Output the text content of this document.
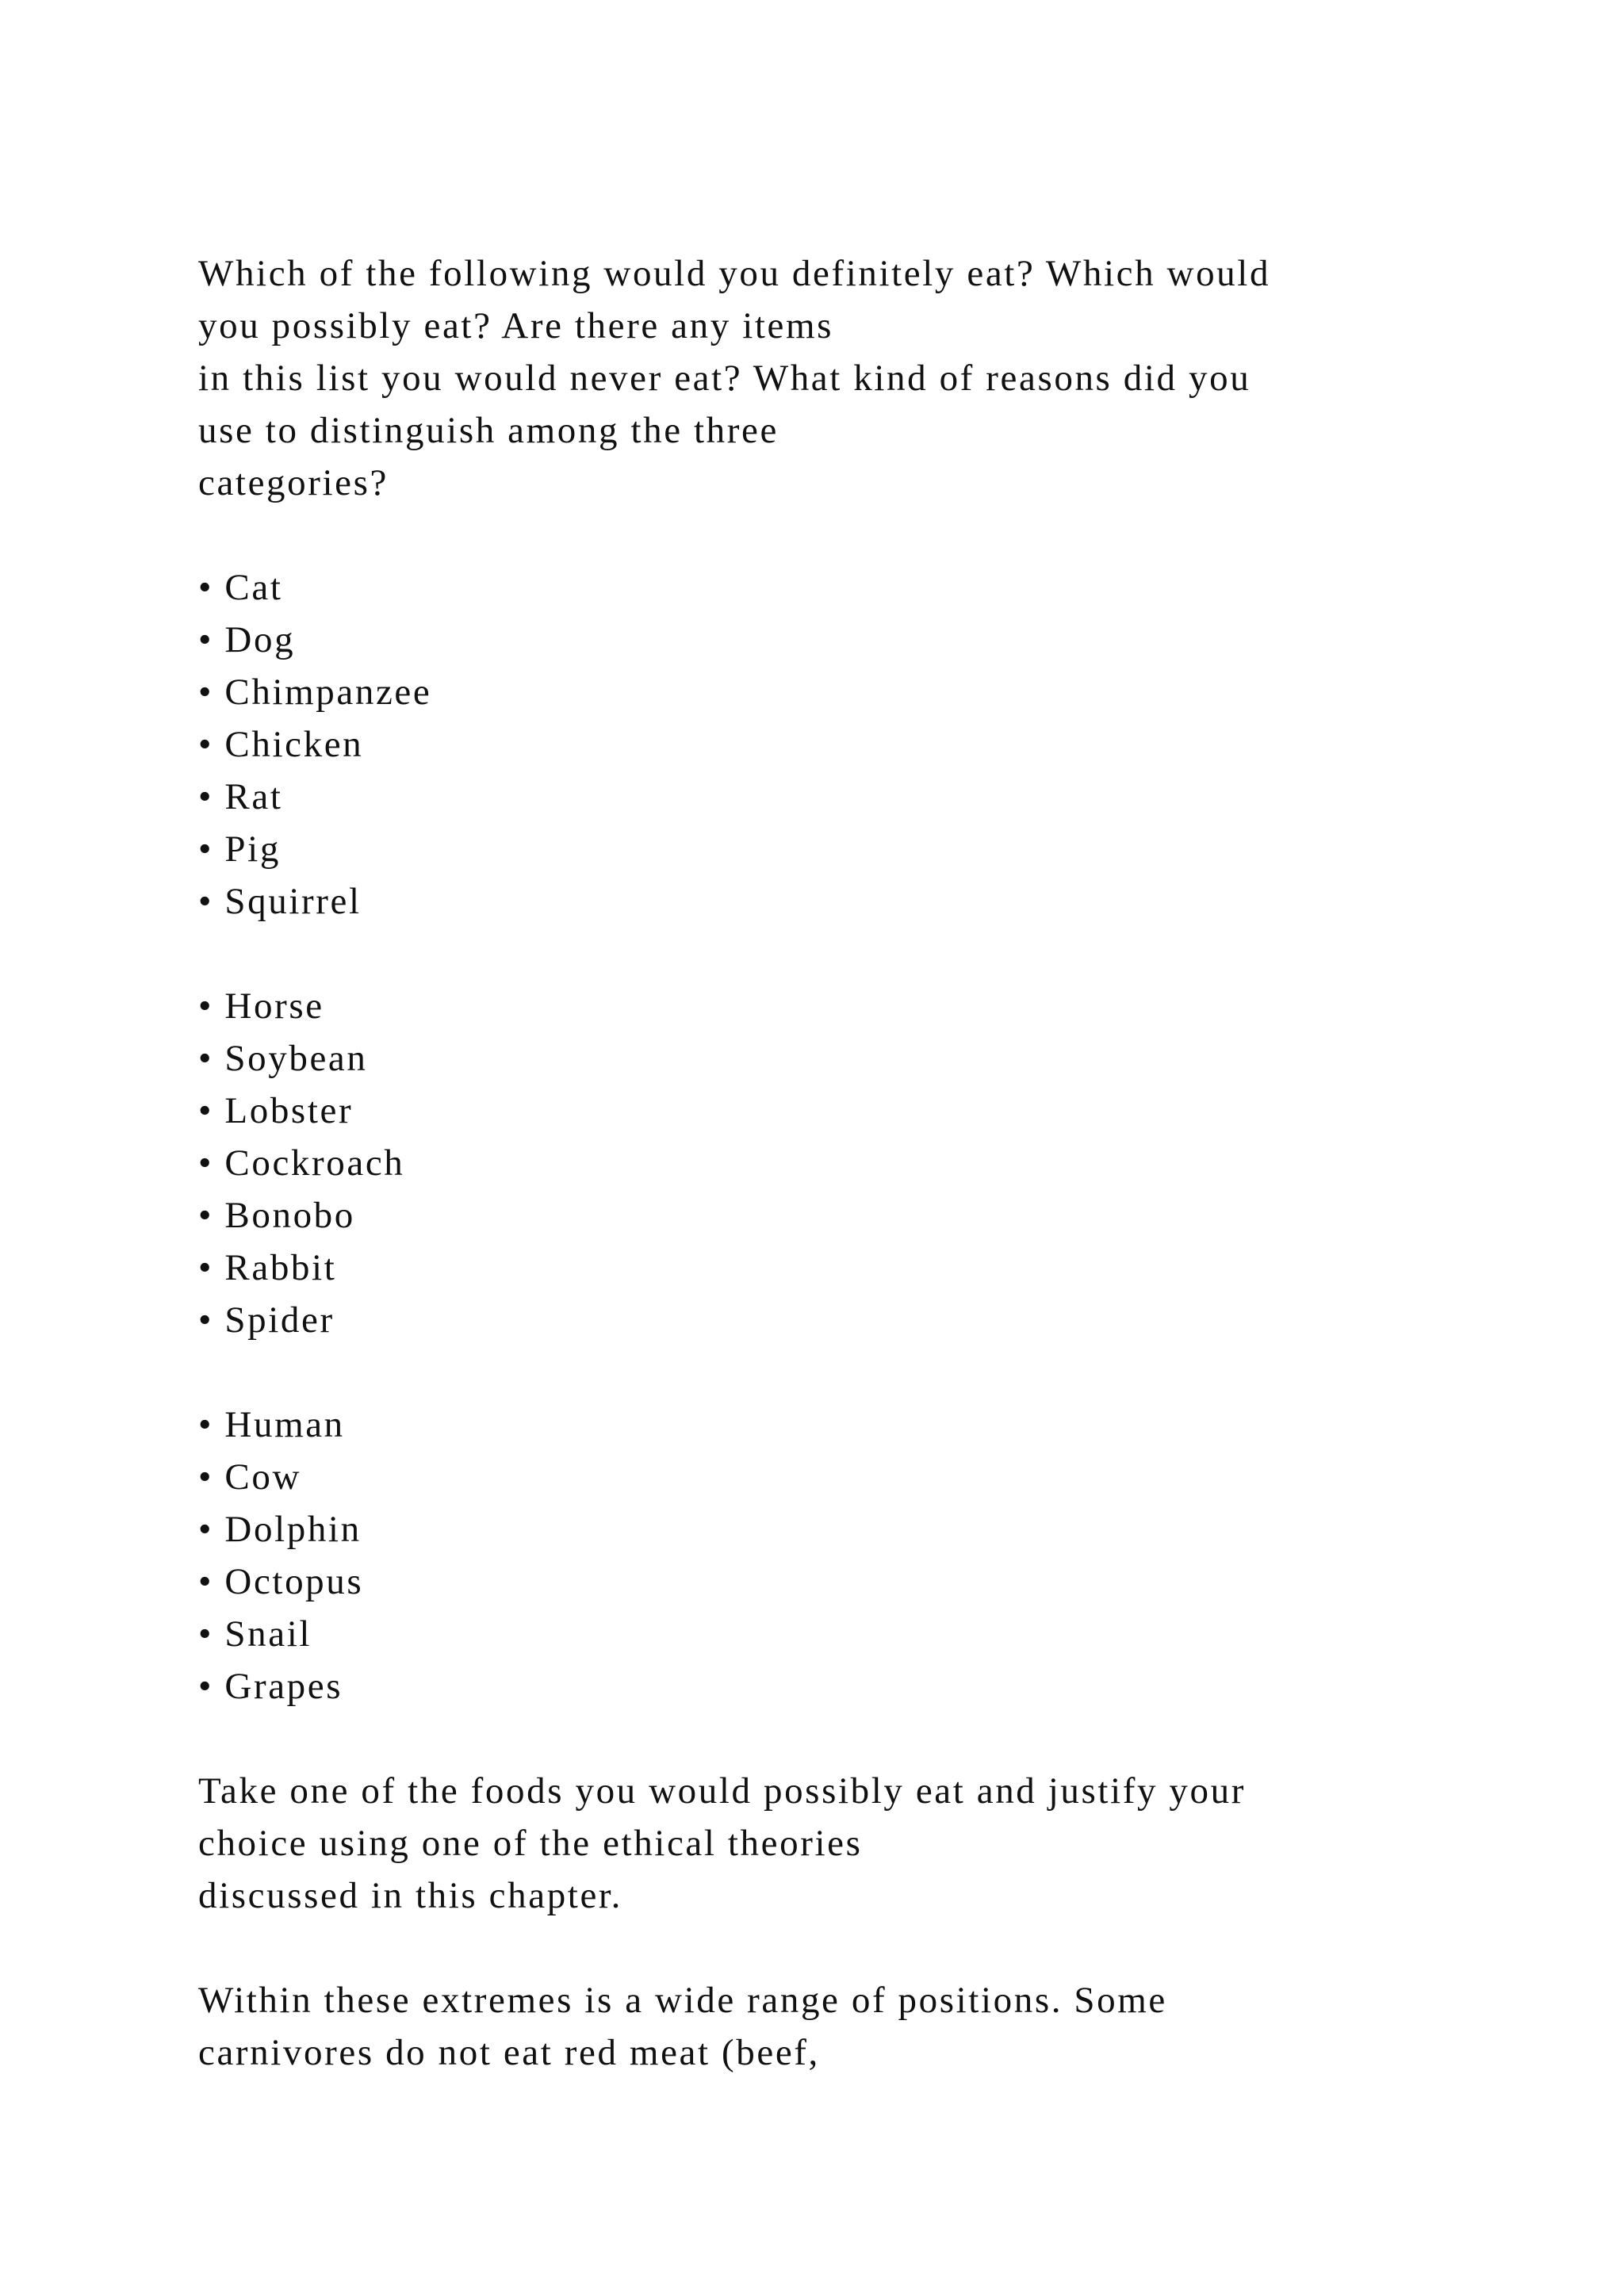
Which of the following would you definitely eat? Which would
you possibly eat? Are there any items
in this list you would never eat? What kind of reasons did you
use to distinguish among the three
categories?
• Cat
• Dog
• Chimpanzee
• Chicken
• Rat
• Pig
• Squirrel
• Horse
• Soybean
• Lobster
• Cockroach
• Bonobo
• Rabbit
• Spider
• Human
• Cow
• Dolphin
• Octopus
• Snail
• Grapes
Take one of the foods you would possibly eat and justify your
choice using one of the ethical theories
discussed in this chapter.
Within these extremes is a wide range of positions. Some
carnivores do not eat red meat (beef,
